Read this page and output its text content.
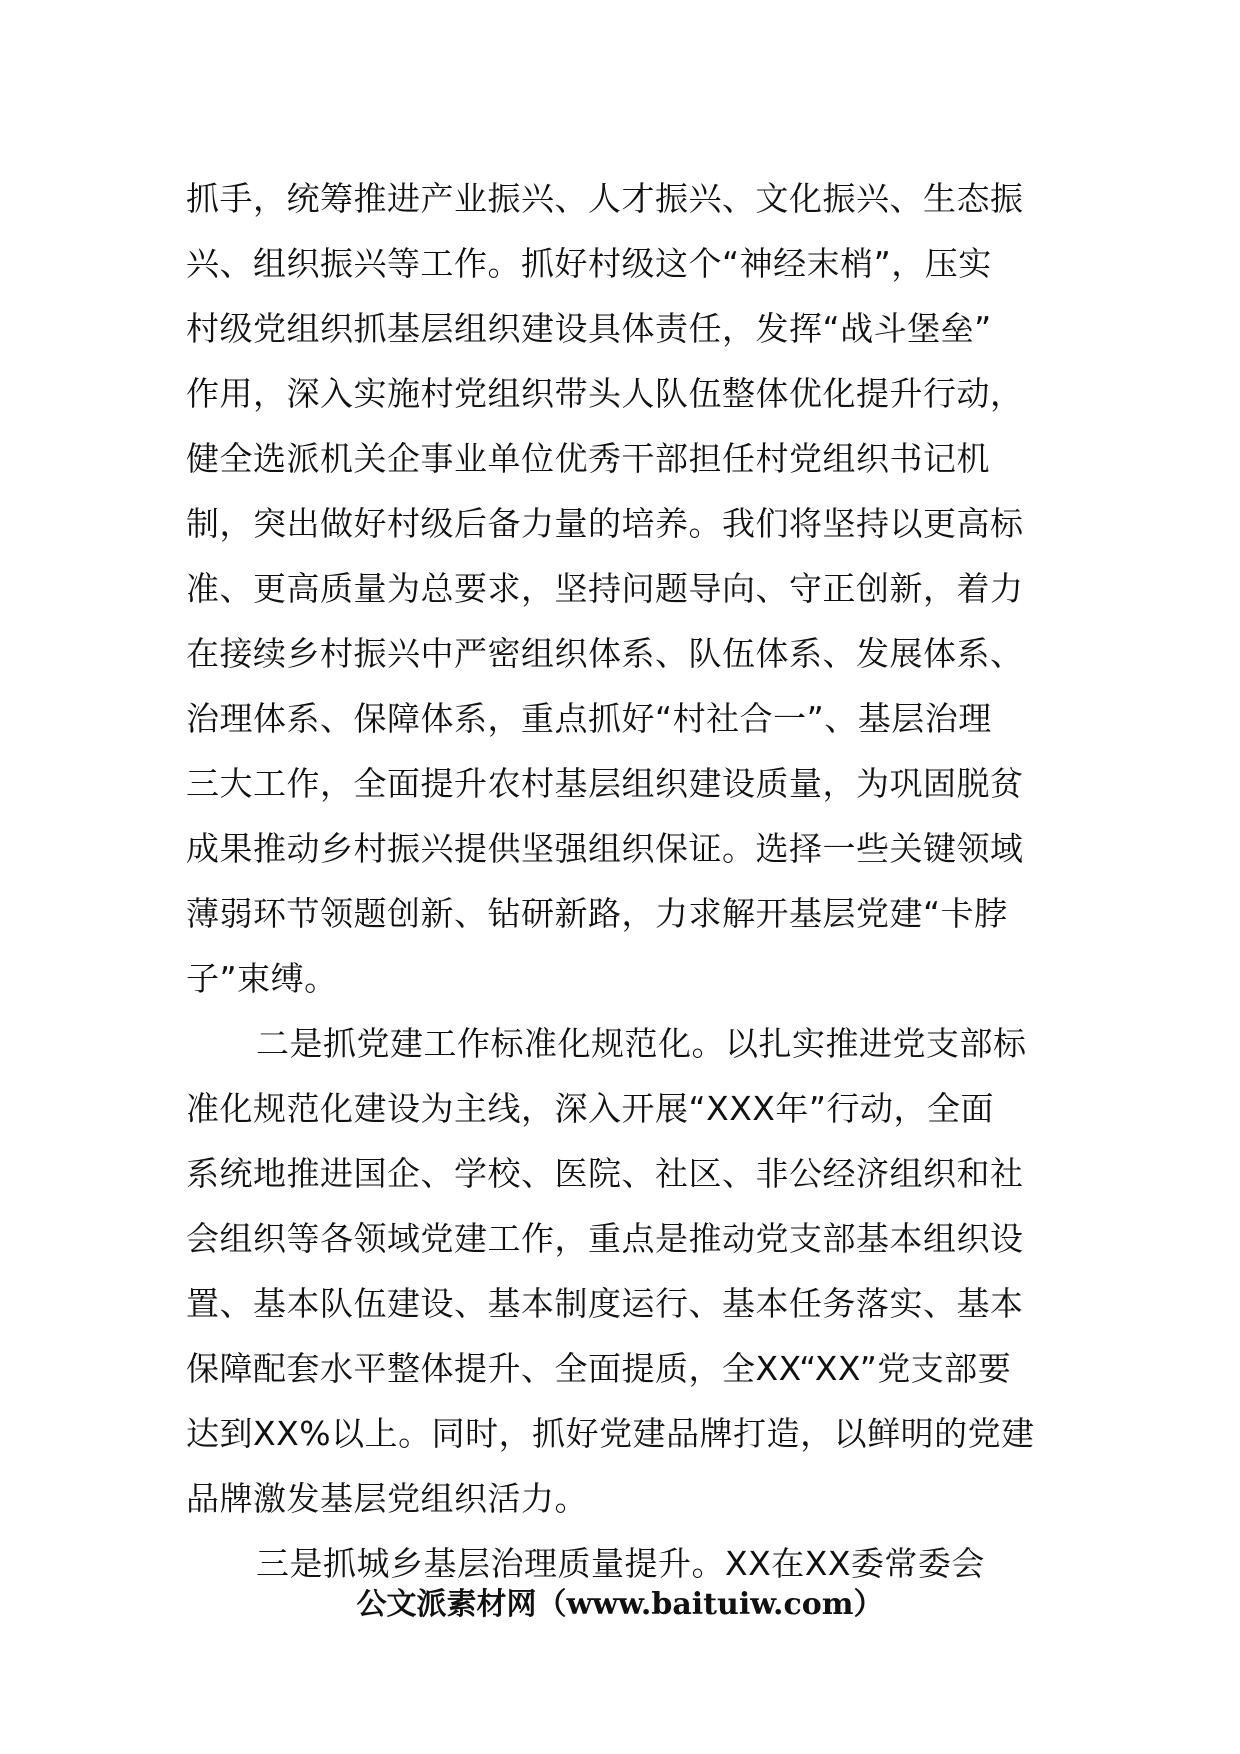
抓手，统筹推进产业振兴、人才振兴、文化振兴、生态振
兴、组织振兴等工作。抓好村级这个“神经末梢”，压实
村级党组织抓基层组织建设具体责任，发挥“战斗堡垒”
作用，深入实施村党组织带头人队伍整体优化提升行动，
健全选派机关企事业单位优秀干部担任村党组织书记机
制，突出做好村级后备力量的培养。我们将坚持以更高标
准、更高质量为总要求，坚持问题导向、守正创新，着力
在接续乡村振兴中严密组织体系、队伍体系、发展体系、
治理体系、保障体系，重点抓好“村社合一”、基层治理
三大工作，全面提升农村基层组织建设质量，为巩固脱贫
成果推动乡村振兴提供坚强组织保证。选择一些关键领域
薄弱环节领题创新、钻研新路，力求解开基层党建“卡脖
子”束缚。
二是抓党建工作标准化规范化。以扎实推进党支部标
准化规范化建设为主线，深入开展“XXX年”行动，全面
系统地推进国企、学校、医院、社区、非公经济组织和社
会组织等各领域党建工作，重点是推动党支部基本组织设
置、基本队伍建设、基本制度运行、基本任务落实、基本
保障配套水平整体提升、全面提质，全XX“XX”党支部要
达到XX%以上。同时，抓好党建品牌打造，以鲜明的党建
品牌激发基层党组织活力。
三是抓城乡基层治理质量提升。XX在XX委常委会
公文派素材网（www.baituiw.com）
